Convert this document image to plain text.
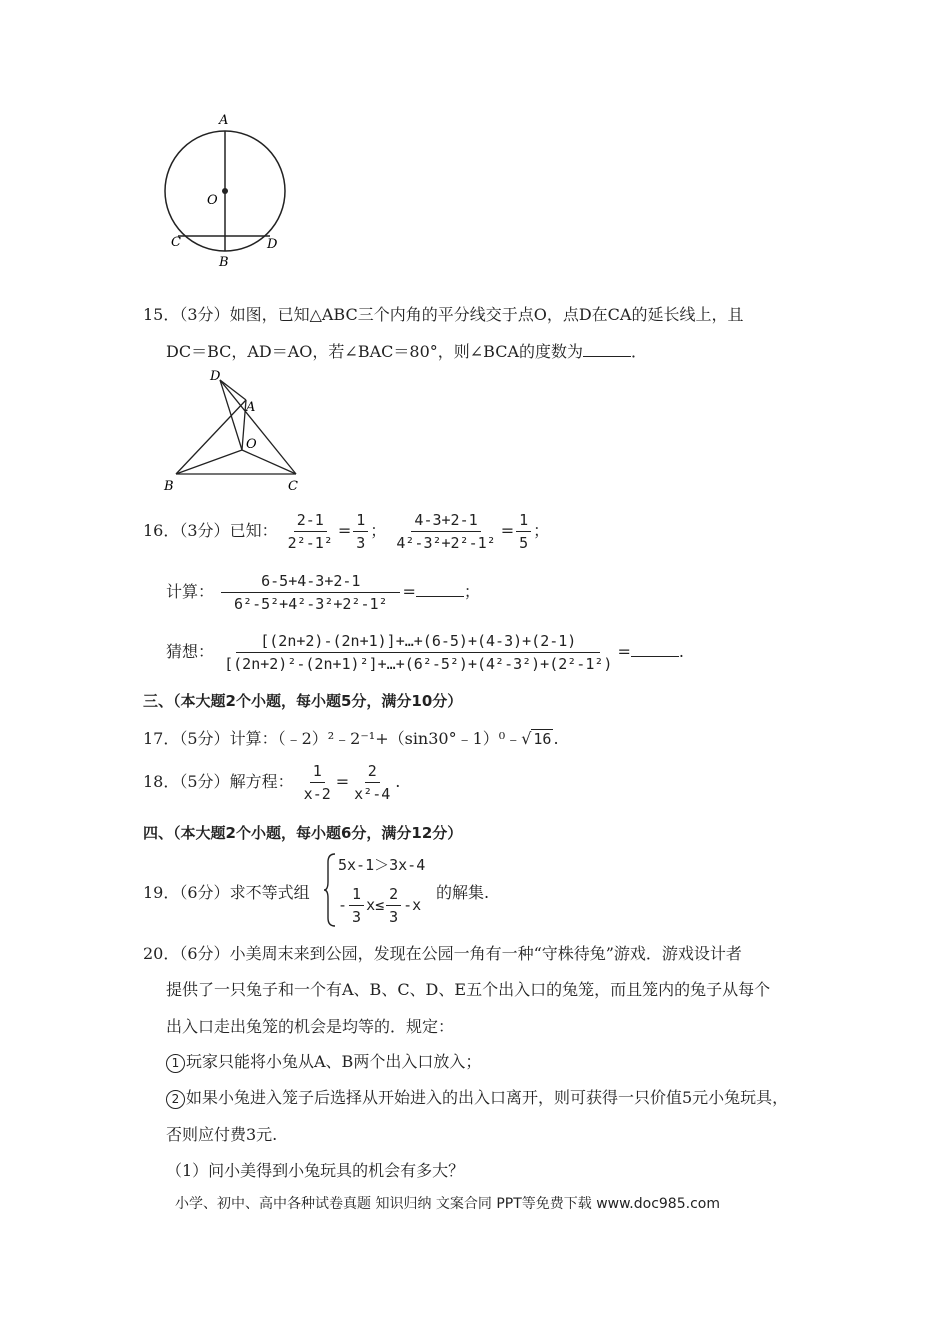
A
O
C	D
B
15．（3分）如图，已知△ABC三个内角的平分线交于点O，点D在CA的延长线上，且
DC＝BC，AD＝AO，若∠BAC＝80°，则∠BCA的度数为	．
D
A
O
B	C
16．（3分）已知： $\frac{2-1}{\text{2²-1²}} = \frac{1}{3}$ ； $\frac{4-3+2-1}{\text{4²-3²+2²-1²}} = \frac{1}{5}$ ；
计算： $\frac{6-5+4-3+2-1}{\text{6²-5²+4²-3²+2²-1²}}$ =	；
猜想： $\frac{[(2n+2)-(2n+1)]+\dots+(6-5)+(4-3)+(2-1)}{\text{[(2n+2)²-(2n+1)²]+…+(6²-5²)+(4²-3²)+(2²-1²)}}$ =	.
三、（本大题2个小题，每小题5分，满分10分）
17．（5分）计算：（﹣2）²﹣2⁻¹+（sin30°﹣1）⁰﹣√ 16 .
18．（5分）解方程： $\frac{1}{x-2} = \frac{2}{\text{x²-4}}$ .
四、（本大题2个小题，每小题6分，满分12分）
19．（6分）求不等式组
5x-1＞3x-4
- $\frac{1}{3} x\le \frac{2}{3} -x$
的解集.
20．（6分）小美周末来到公园，发现在公园一角有一种“守株待兔”游戏．游戏设计者
提供了一只兔子和一个有A、B、C、D、E五个出入口的兔笼，而且笼内的兔子从每个
出入口走出兔笼的机会是均等的．规定：
1 玩家只能将小兔从A、B两个出入口放入；
2 如果小兔进入笼子后选择从开始进入的出入口离开，则可获得一只价值5元小兔玩具，
否则应付费3元.
（1）问小美得到小兔玩具的机会有多大？
小学、初中、高中各种试卷真题 知识归纳 文案合同 PPT等免费下载 www.doc985.com
